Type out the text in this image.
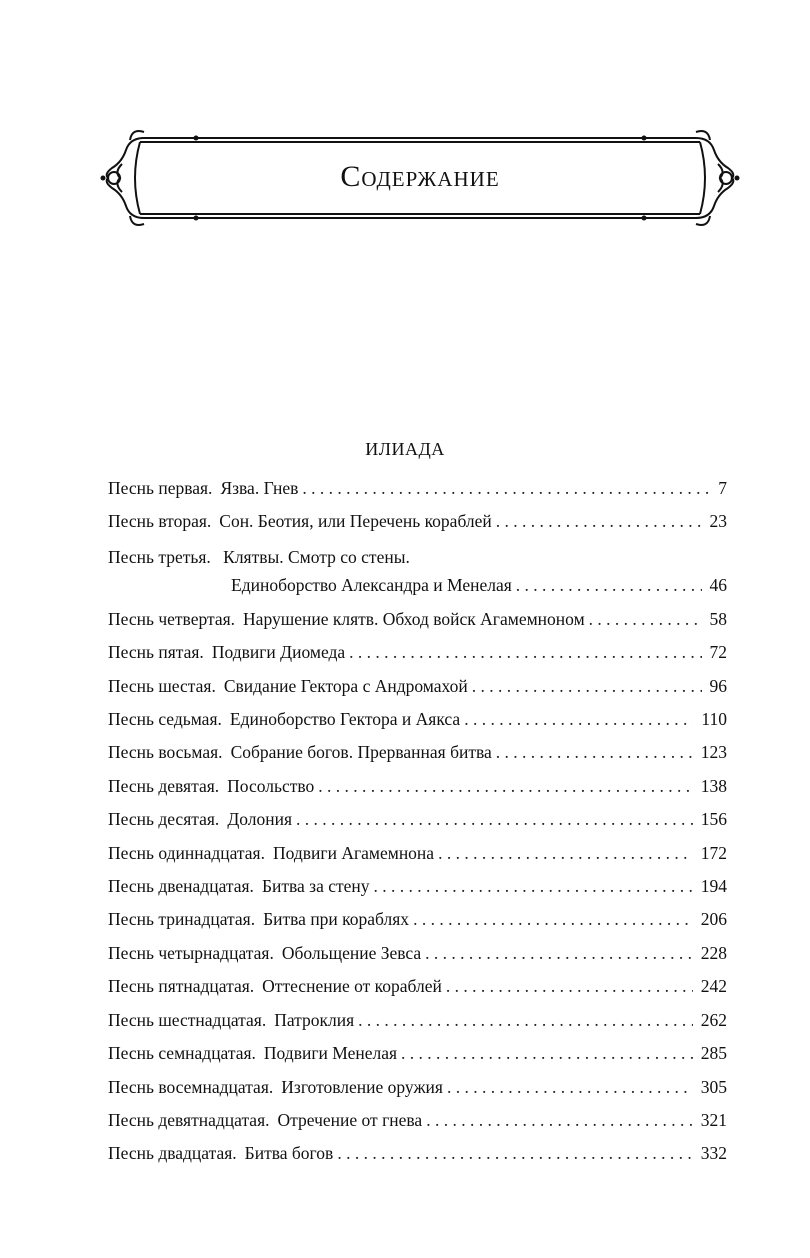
Содержание
ИЛИАДА
Песнь первая. Язва. Гнев . . .	7
Песнь вторая. Сон. Беотия, или Перечень кораблей . . .	23
Песнь третья. Клятвы. Смотр со стены.
Единоборство Александра и Менелая . . .	46
Песнь четвертая. Нарушение клятв. Обход войск Агамемноном . . .	58
Песнь пятая. Подвиги Диомеда . . .	72
Песнь шестая. Свидание Гектора с Андромахой . . .	96
Песнь седьмая. Единоборство Гектора и Аякса . . .	110
Песнь восьмая. Собрание богов. Прерванная битва . . .	123
Песнь девятая. Посольство . . .	138
Песнь десятая. Долония . . .	156
Песнь одиннадцатая. Подвиги Агамемнона . . .	172
Песнь двенадцатая. Битва за стену . . .	194
Песнь тринадцатая. Битва при кораблях . . .	206
Песнь четырнадцатая. Обольщение Зевса . . .	228
Песнь пятнадцатая. Оттеснение от кораблей . . .	242
Песнь шестнадцатая. Патроклия . . .	262
Песнь семнадцатая. Подвиги Менелая . . .	285
Песнь восемнадцатая. Изготовление оружия . . .	305
Песнь девятнадцатая. Отречение от гнева . . .	321
Песнь двадцатая. Битва богов . . .	332
